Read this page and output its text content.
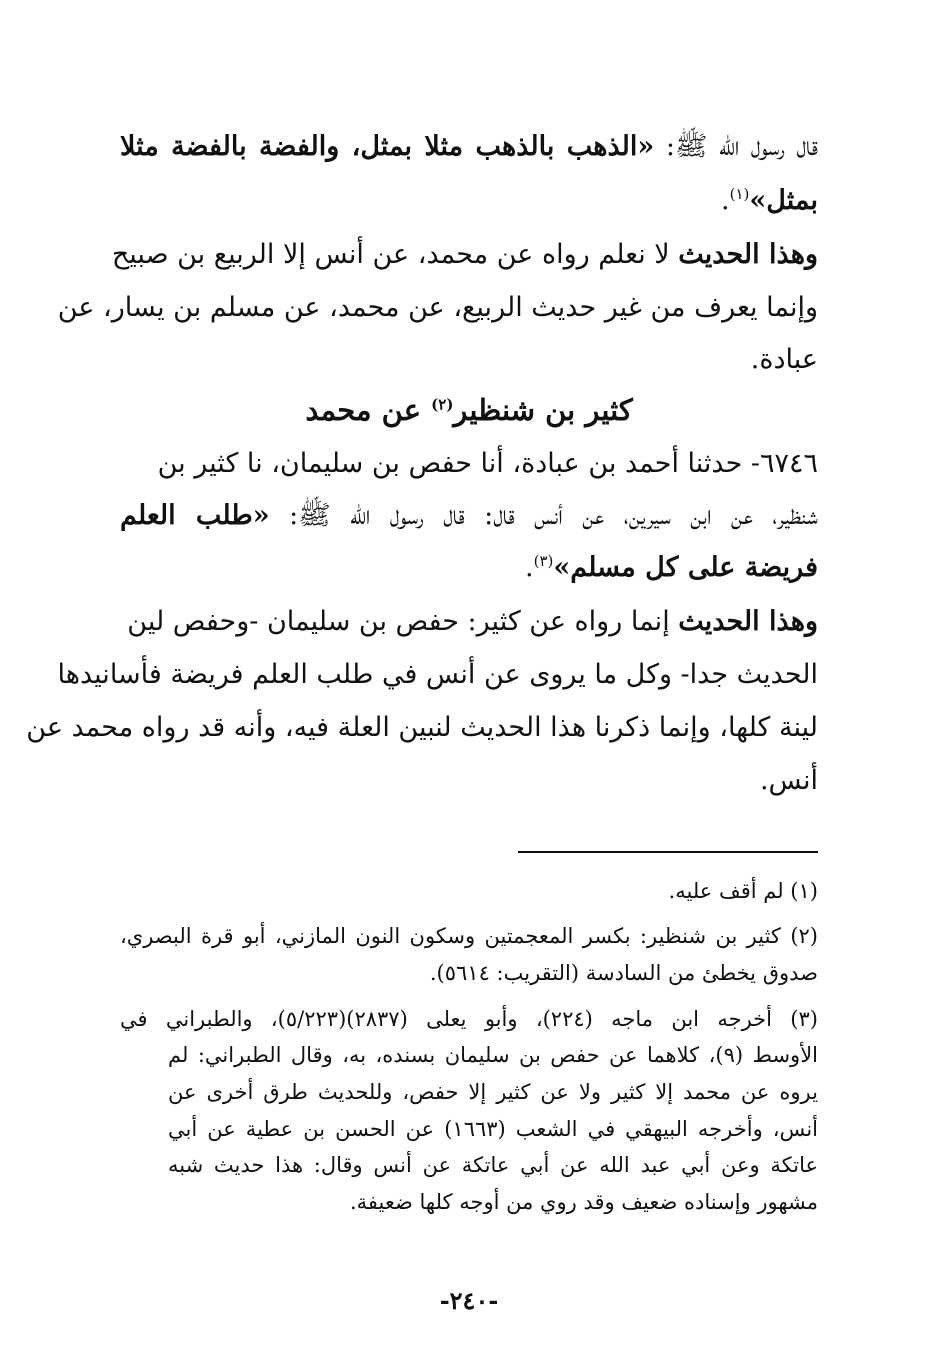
قال رسول الله ﷺ: «الذهب بالذهب مثلا بمثل، والفضة بالفضة مثلا
بمثل»$^{(١)}$.
وهذا الحديث لا نعلم رواه عن محمد، عن أنس إلا الربيع بن صبيح
وإنما يعرف من غير حديث الربيع، عن محمد، عن مسلم بن يسار، عن
عبادة.
كثير بن شنظير$^{(٢)}$ عن محمد
٦٧٤٦- حدثنا أحمد بن عبادة، أنا حفص بن سليمان، نا كثير بن
شنظير، عن ابن سيرين، عن أنس قال: قال رسول الله ﷺ: «طلب العلم
فريضة على كل مسلم»$^{(٣)}$.
وهذا الحديث إنما رواه عن كثير: حفص بن سليمان -وحفص لين
الحديث جدا- وكل ما يروى عن أنس في طلب العلم فريضة فأسانيدها
لينة كلها، وإنما ذكرنا هذا الحديث لنبين العلة فيه، وأنه قد رواه محمد عن
أنس.
(١) لم أقف عليه.
(٢) كثير بن شنظير: بكسر المعجمتين وسكون النون المازني، أبو قرة البصري،
صدوق يخطئ من السادسة (التقريب: ٥٦١٤).
(٣) أخرجه ابن ماجه (٢٢٤)، وأبو يعلى (٢٨٣٧)(٥/٢٢٣)، والطبراني في
الأوسط (٩)، كلاهما عن حفص بن سليمان بسنده، به، وقال الطبراني: لم
يروه عن محمد إلا كثير ولا عن كثير إلا حفص، وللحديث طرق أخرى عن
أنس، وأخرجه البيهقي في الشعب (١٦٦٣) عن الحسن بن عطية عن أبي
عاتكة وعن أبي عبد الله عن أبي عاتكة عن أنس وقال: هذا حديث شبه
مشهور وإسناده ضعيف وقد روي من أوجه كلها ضعيفة.
-٢٤٠-
